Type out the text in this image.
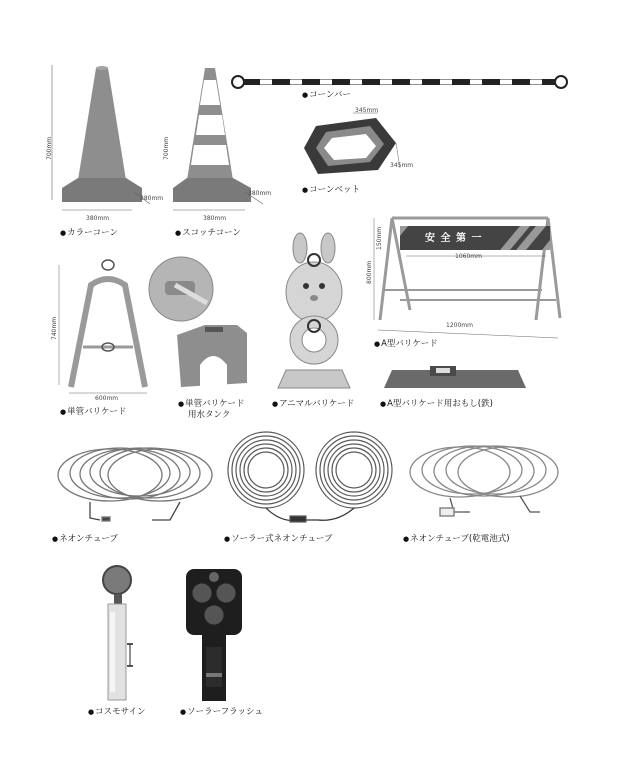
700mm
380mm
380mm
● カラーコーン
700mm
380mm
380mm
● スコッチコーン
● コーンバー
345mm
345mm
● コーンベット
740mm
600mm
● 単管バリケード
● 単管バリケード
用水タンク
● アニマルバリケード
安 全 第 一
800mm
150mm
1060mm
1200mm
● A型バリケード
● A型バリケード用おもし(鉄)
● ネオンチューブ	● ソーラー式ネオンチューブ	● ネオンチューブ(乾電池式)
● コスモサイン	● ソーラーフラッシュ
